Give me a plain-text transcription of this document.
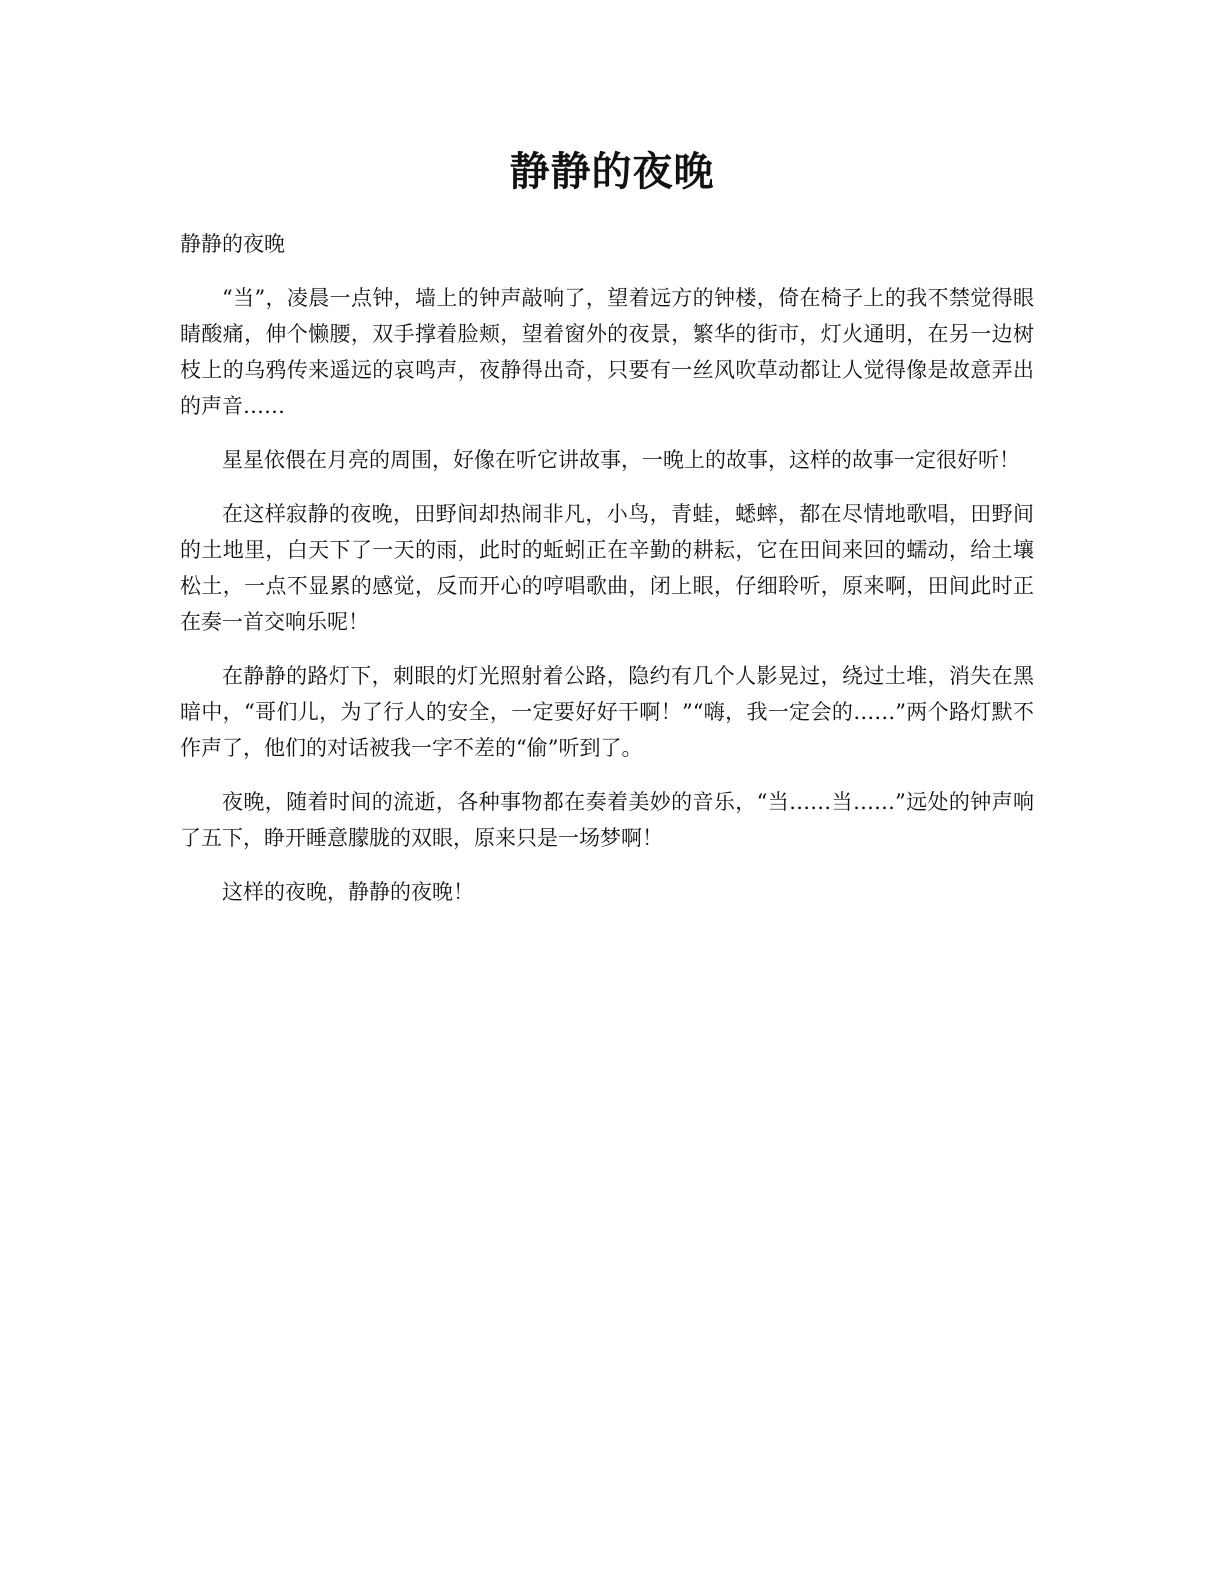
静静的夜晚

静静的夜晚

“当”，凌晨一点钟，墙上的钟声敲响了，望着远方的钟楼，倚在椅子上的我不禁觉得眼睛酸痛，伸个懒腰，双手撑着脸颊，望着窗外的夜景，繁华的街市，灯火通明，在另一边树枝上的乌鸦传来遥远的哀鸣声，夜静得出奇，只要有一丝风吹草动都让人觉得像是故意弄出的声音……

星星依偎在月亮的周围，好像在听它讲故事，一晚上的故事，这样的故事一定很好听！

在这样寂静的夜晚，田野间却热闹非凡，小鸟，青蛙，蟋蟀，都在尽情地歌唱，田野间的土地里，白天下了一天的雨，此时的蚯蚓正在辛勤的耕耘，它在田间来回的蠕动，给土壤松土，一点不显累的感觉，反而开心的哼唱歌曲，闭上眼，仔细聆听，原来啊，田间此时正在奏一首交响乐呢！

在静静的路灯下，刺眼的灯光照射着公路，隐约有几个人影晃过，绕过土堆，消失在黑暗中，“哥们儿，为了行人的安全，一定要好好干啊！”“嗨，我一定会的……”两个路灯默不作声了，他们的对话被我一字不差的“偷”听到了。

夜晚，随着时间的流逝，各种事物都在奏着美妙的音乐，“当……当……”远处的钟声响了五下，睁开睡意朦胧的双眼，原来只是一场梦啊！

这样的夜晚，静静的夜晚！
